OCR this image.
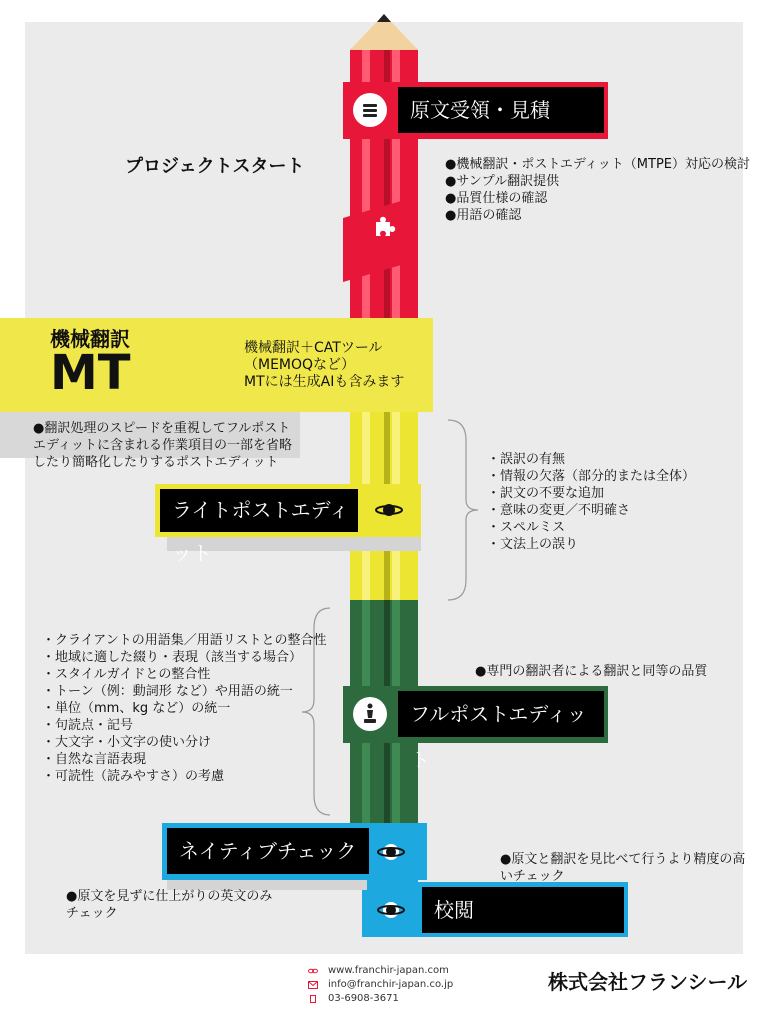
原文受領・見積
ライトポストエディット
フルポストエディット
ネイティブチェック
校閲
プロジェクトスタート	●機械翻訳・ポストエディット（MTPE）対応の検討
●サンプル翻訳提供
●品質仕様の確認
●用語の確認
機械翻訳
MT	機械翻訳＋CATツール
（MEMOQなど）
MTには生成AIも含みます
●翻訳処理のスピードを重視してフルポスト
エディットに含まれる作業項目の一部を省略
したり簡略化したりするポストエディット	・誤訳の有無
・情報の欠落（部分的または全体）
・訳文の不要な追加
・意味の変更／不明確さ
・スペルミス
・文法上の誤り
・クライアントの用語集／用語リストとの整合性
・地域に適した綴り・表現（該当する場合）
・スタイルガイドとの整合性
・トーン（例：動詞形 など）や用語の統一
・単位（mm、kg など）の統一
・句読点・記号
・大文字・小文字の使い分け
・自然な言語表現
・可読性（読みやすさ）の考慮
●専門の翻訳者による翻訳と同等の品質
●原文と翻訳を見比べて行うより精度の高
いチェック
●原文を見ずに仕上がりの英文のみ
チェック
www.franchir-japan.com
info@franchir-japan.co.jp
03-6908-3671
株式会社フランシール
